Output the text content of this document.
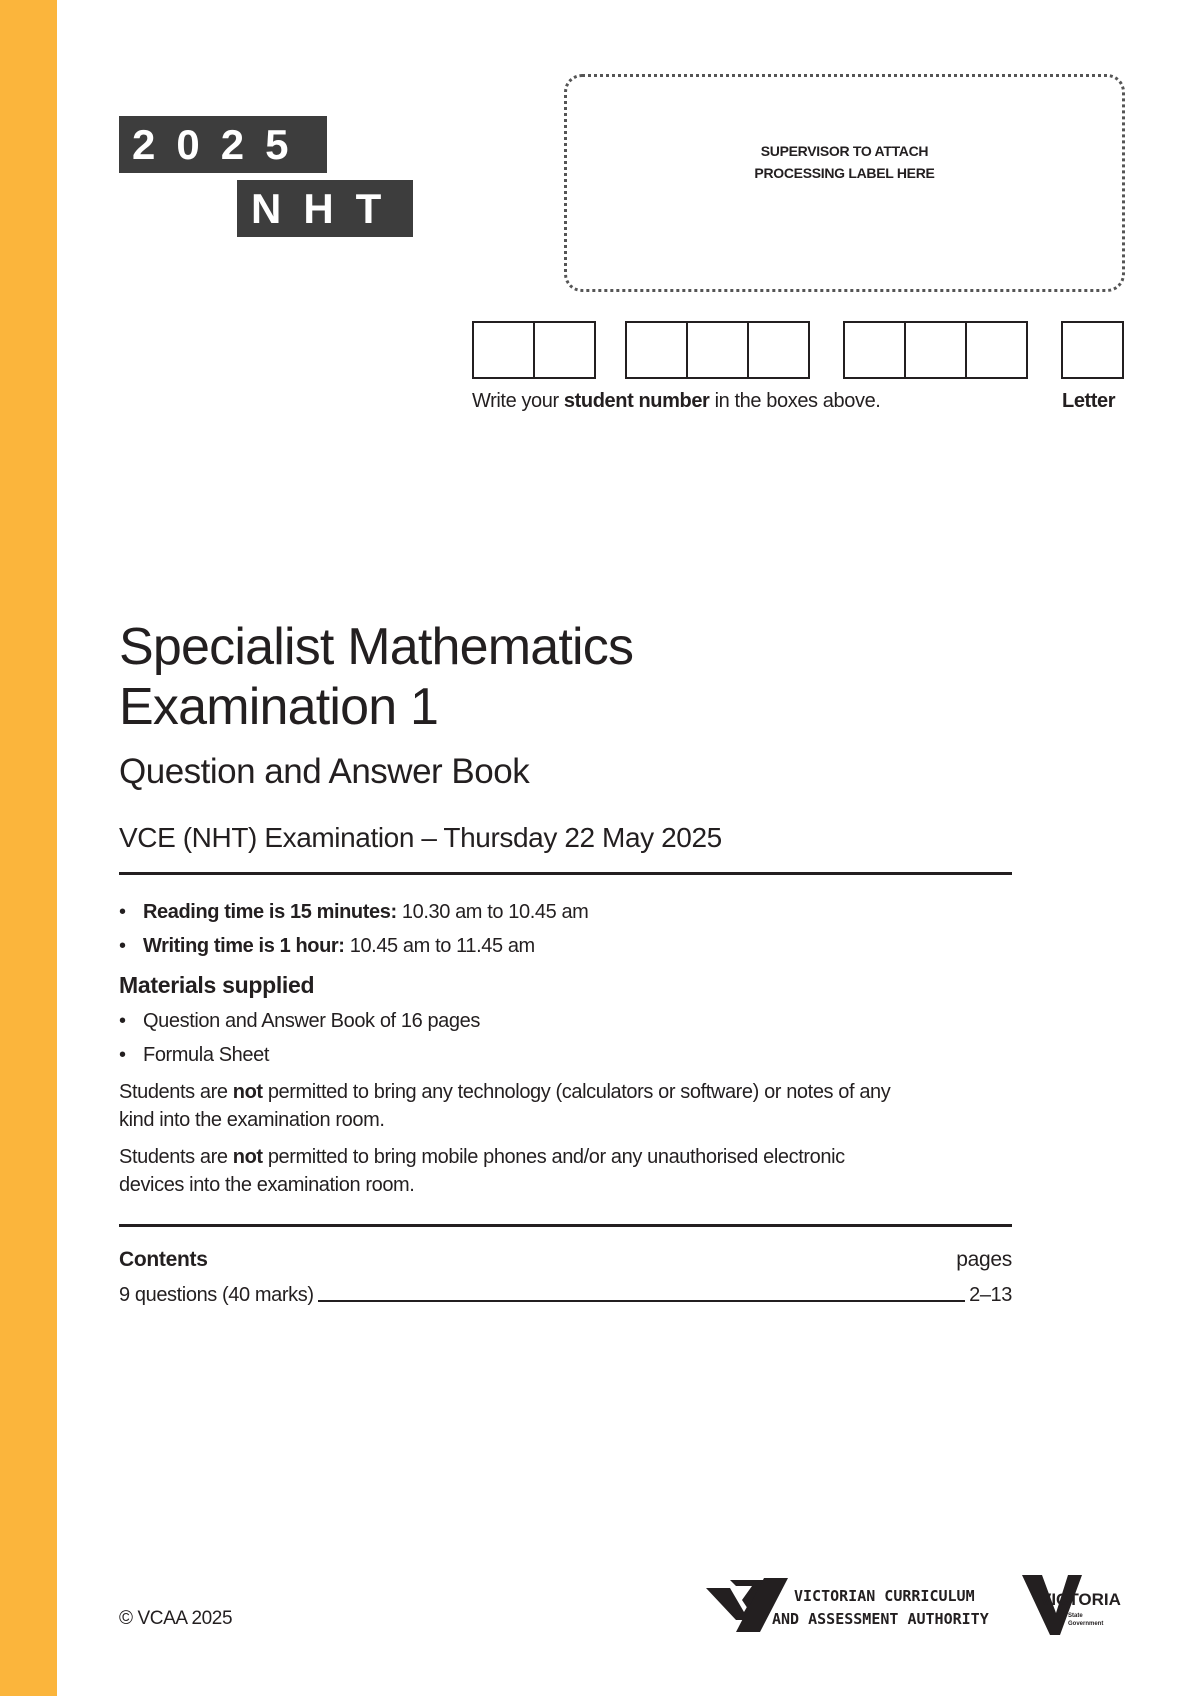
2025
NHT
SUPERVISOR TO ATTACH
PROCESSING LABEL HERE
Write your student number in the boxes above.	Letter
Specialist Mathematics
Examination 1
Question and Answer Book
VCE (NHT) Examination – Thursday 22 May 2025
• Reading time is 15 minutes: 10.30 am to 10.45 am
• Writing time is 1 hour: 10.45 am to 11.45 am
Materials supplied
• Question and Answer Book of 16 pages
• Formula Sheet
Students are not permitted to bring any technology (calculators or software) or notes of any
kind into the examination room.
Students are not permitted to bring mobile phones and/or any unauthorised electronic
devices into the examination room.
Contents	pages
9 questions (40 marks)	2–13
© VCAA 2025
VICTORIAN CURRICULUM
AND ASSESSMENT AUTHORITY
VICTORIA
State
Government
